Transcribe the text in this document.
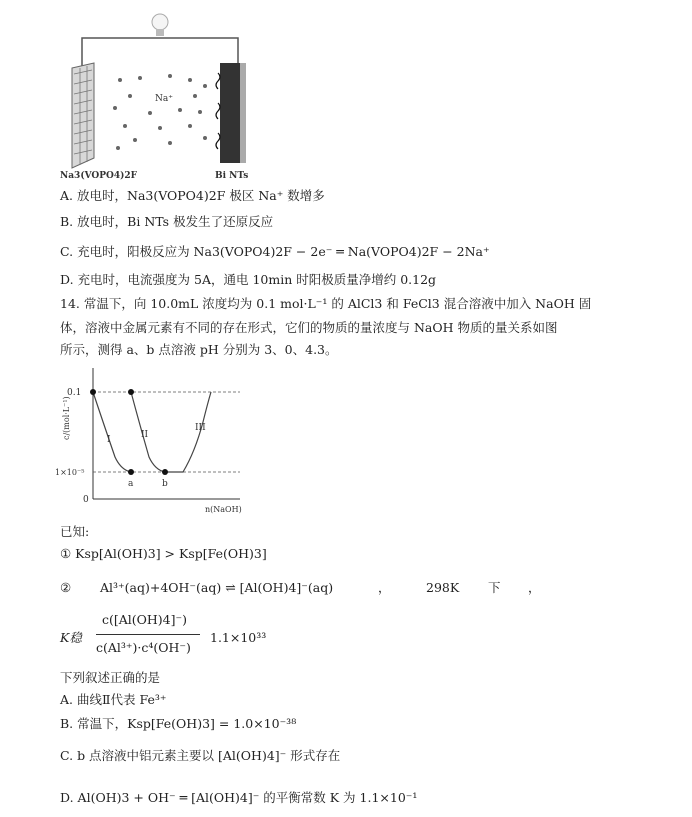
Na⁺
Na3(VOPO4)2F	Bi NTs
A. 放电时，Na3(VOPO4)2F 极区 Na⁺ 数增多
B. 放电时，Bi NTs 极发生了还原反应
C. 充电时，阳极反应为 Na3(VOPO4)2F − 2e⁻ ═ Na(VOPO4)2F − 2Na⁺
D. 充电时，电流强度为 5A，通电 10min 时阳极质量净增约 0.12g
14. 常温下，向 10.0mL 浓度均为 0.1 mol·L⁻¹ 的 AlCl3 和 FeCl3 混合溶液中加入 NaOH 固
体，溶液中金属元素有不同的存在形式，它们的物质的量浓度与 NaOH 物质的量关系如图
所示，测得 a、b 点溶液 pH 分别为 3、0、4.3。
c/(mol·L⁻¹)
0.1
1×10⁻⁵
0
I	II
III
a	b
n(NaOH)
已知:
① Ksp[Al(OH)3] > Ksp[Fe(OH)3]
② Al³⁺(aq)+4OH⁻(aq) ⇌ [Al(OH)4]⁻(aq)	，	298K 下 ，
K稳
c([Al(OH)4]⁻)
c(Al³⁺)·c⁴(OH⁻)
1.1×10³³
下列叙述正确的是
A. 曲线Ⅱ代表 Fe³⁺
B. 常温下，Ksp[Fe(OH)3] = 1.0×10⁻³⁸
C. b 点溶液中铝元素主要以 [Al(OH)4]⁻ 形式存在
D. Al(OH)3 + OH⁻ ═ [Al(OH)4]⁻ 的平衡常数 K 为 1.1×10⁻¹
